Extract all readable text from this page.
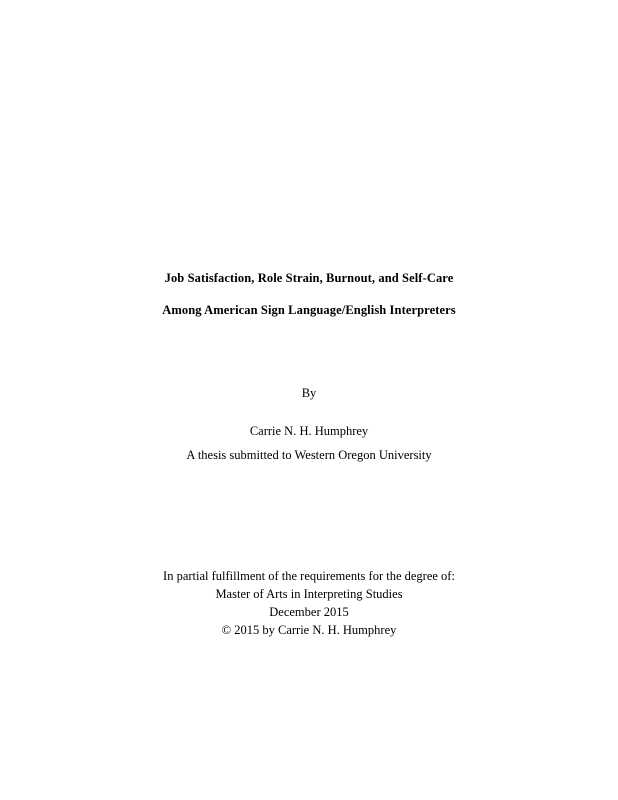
Job Satisfaction, Role Strain, Burnout, and Self-Care
Among American Sign Language/English Interpreters
By
Carrie N. H. Humphrey
A thesis submitted to Western Oregon University
In partial fulfillment of the requirements for the degree of:
Master of Arts in Interpreting Studies
December 2015
© 2015 by Carrie N. H. Humphrey
